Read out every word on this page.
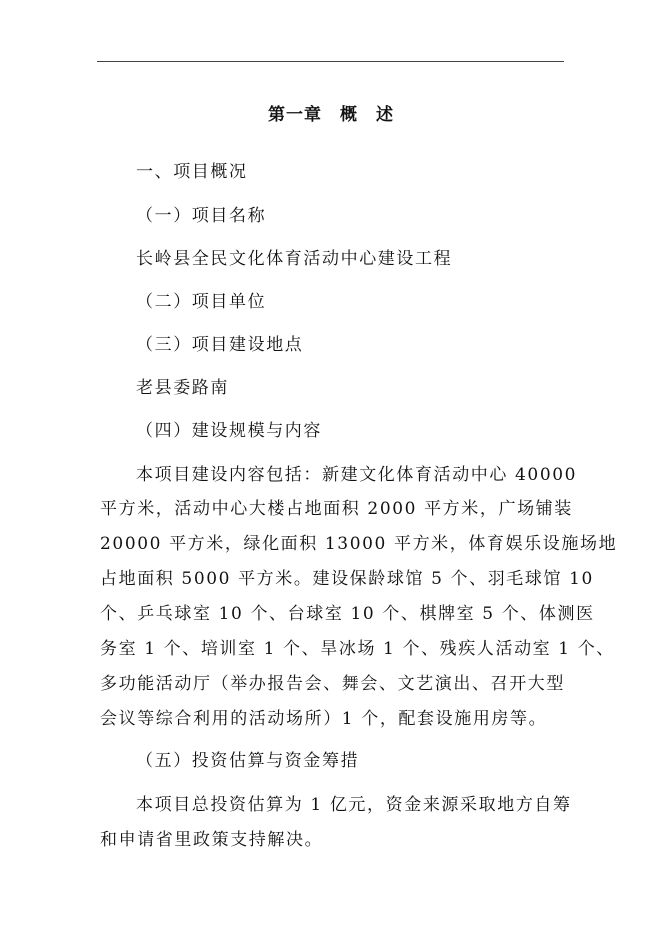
第一章　概　述
一、项目概况
（一）项目名称
长岭县全民文化体育活动中心建设工程
（二）项目单位
（三）项目建设地点
老县委路南
（四）建设规模与内容
本项目建设内容包括：新建文化体育活动中心 40000
平方米，活动中心大楼占地面积 2000 平方米，广场铺装
20000 平方米，绿化面积 13000 平方米，体育娱乐设施场地
占地面积 5000 平方米。建设保龄球馆 5 个、羽毛球馆 10
个、乒乓球室 10 个、台球室 10 个、棋牌室 5 个、体测医
务室 1 个、培训室 1 个、旱冰场 1 个、残疾人活动室 1 个、
多功能活动厅（举办报告会、舞会、文艺演出、召开大型
会议等综合利用的活动场所）1 个，配套设施用房等。
（五）投资估算与资金筹措
本项目总投资估算为 1 亿元，资金来源采取地方自筹
和申请省里政策支持解决。
